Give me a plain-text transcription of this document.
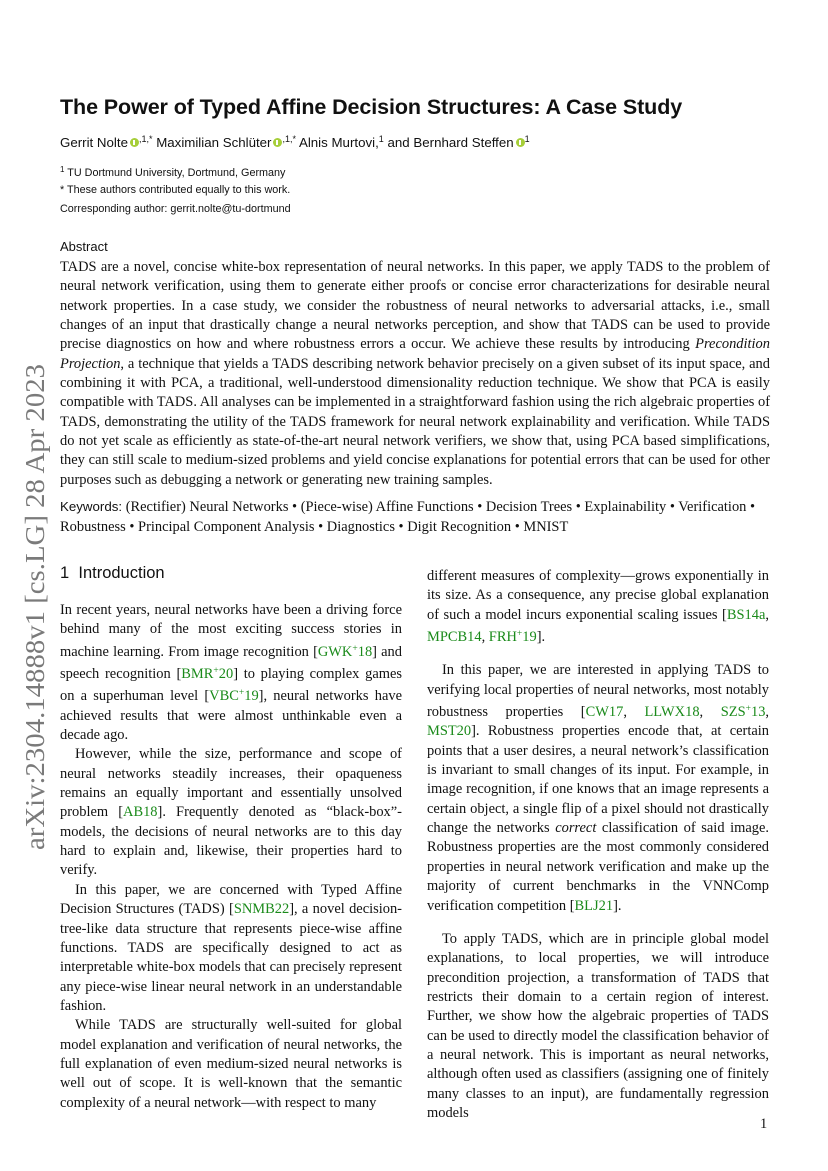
arXiv:2304.14888v1 [cs.LG] 28 Apr 2023
The Power of Typed Affine Decision Structures: A Case Study
Gerrit Nolte $^{,1,*}$ Maximilian Schlüter $^{,1,*}$ Alnis Murtovi,$^1$ and Bernhard Steffen $^1$
$^1$ TU Dortmund University, Dortmund, Germany
* These authors contributed equally to this work.
Corresponding author: gerrit.nolte@tu-dortmund
Abstract

TADS are a novel, concise white-box representation of neural networks. In this paper, we apply TADS to the problem of neural network verification, using them to generate either proofs or concise error characterizations for desirable neural network properties. In a case study, we consider the robustness of neural networks to adversarial attacks, i.e., small changes of an input that drastically change a neural networks perception, and show that TADS can be used to provide precise diagnostics on how and where robustness errors a occur. We achieve these results by introducing Precondition Projection, a technique that yields a TADS describing network behavior precisely on a given subset of its input space, and combining it with PCA, a traditional, well-understood dimensionality reduction technique. We show that PCA is easily compatible with TADS. All analyses can be implemented in a straightforward fashion using the rich algebraic properties of TADS, demonstrating the utility of the TADS framework for neural network explainability and verification. While TADS do not yet scale as efficiently as state-of-the-art neural network verifiers, we show that, using PCA based simplifications, they can still scale to medium-sized problems and yield concise explanations for potential errors that can be used for other purposes such as debugging a network or generating new training samples.

Keywords: (Rectifier) Neural Networks • (Piece-wise) Affine Functions • Decision Trees • Explainability • Verification • Robustness • Principal Component Analysis • Diagnostics • Digit Recognition • MNIST
1 Introduction

In recent years, neural networks have been a driving force behind many of the most exciting success stories in machine learning. From image recognition [GWK+18] and speech recognition [BMR+20] to playing complex games on a superhuman level [VBC+19], neural networks have achieved results that were almost unthinkable even a decade ago.

However, while the size, performance and scope of neural networks steadily increases, their opaqueness remains an equally important and essentially unsolved problem [AB18]. Frequently denoted as “black-box”-models, the decisions of neural networks are to this day hard to explain and, likewise, their properties hard to verify.

In this paper, we are concerned with Typed Affine Decision Structures (TADS) [SNMB22], a novel decision-tree-like data structure that represents piece-wise affine functions. TADS are specifically designed to act as interpretable white-box models that can precisely represent any piece-wise linear neural network in an understandable fashion.

While TADS are structurally well-suited for global model explanation and verification of neural networks, the full explanation of even medium-sized neural networks is well out of scope. It is well-known that the semantic complexity of a neural network—with respect to many

different measures of complexity—grows exponentially in its size. As a consequence, any precise global explanation of such a model incurs exponential scaling issues [BS14a, MPCB14, FRH+19].

In this paper, we are interested in applying TADS to verifying local properties of neural networks, most notably robustness properties [CW17, LLWX18, SZS+13, MST20]. Robustness properties encode that, at certain points that a user desires, a neural network’s classification is invariant to small changes of its input. For example, in image recognition, if one knows that an image represents a certain object, a single flip of a pixel should not drastically change the networks correct classification of said image. Robustness properties are the most commonly considered properties in neural network verification and make up the majority of current benchmarks in the VNNComp verification competition [BLJ21].

To apply TADS, which are in principle global model explanations, to local properties, we will introduce precondition projection, a transformation of TADS that restricts their domain to a certain region of interest. Further, we show how the algebraic properties of TADS can be used to directly model the classification behavior of a neural network. This is important as neural networks, although often used as classifiers (assigning one of finitely many classes to an input), are fundamentally regression models

1
